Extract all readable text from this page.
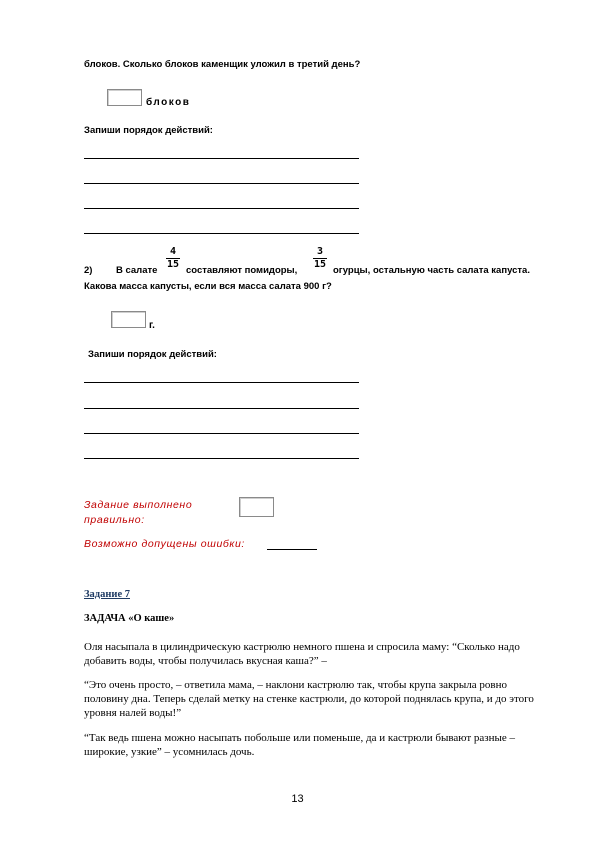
блоков. Сколько блоков каменщик уложил в третий день?
блоков
Запиши порядок действий:
2) В салате
4
15
составляют помидоры,
3
15
огурцы, остальную часть салата капуста.
Какова масса капусты, если вся масса салата 900 г?
г.
Запиши порядок действий:
Задание выполнено
правильно:
Возможно допущены ошибки:
Задание 7
ЗАДАЧА «О каше»
Оля насыпала в цилиндрическую кастрюлю немного пшена и спросила маму: “Сколько надо добавить воды, чтобы получилась вкусная каша?” –
“Это очень просто, – ответила мама, – наклони кастрюлю так, чтобы крупа закрыла ровно половину дна. Теперь сделай метку на стенке кастрюли, до которой поднялась крупа, и до этого уровня налей воды!”
“Так ведь пшена можно насыпать побольше или поменьше, да и кастрюли бывают разные – широкие, узкие” – усомнилась дочь.
13
